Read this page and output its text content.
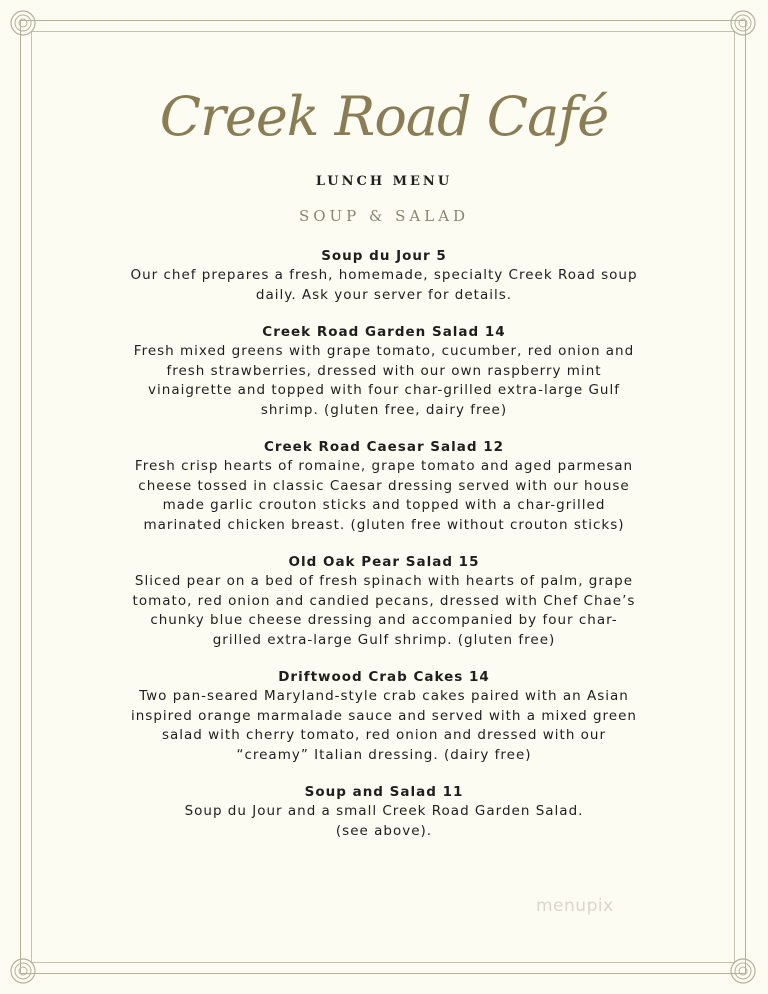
Creek Road Café
LUNCH MENU
SOUP & SALAD
Soup du Jour 5
Our chef prepares a fresh, homemade, specialty Creek Road soup
daily. Ask your server for details.
Creek Road Garden Salad 14
Fresh mixed greens with grape tomato, cucumber, red onion and
fresh strawberries, dressed with our own raspberry mint
vinaigrette and topped with four char-grilled extra-large Gulf
shrimp. (gluten free, dairy free)
Creek Road Caesar Salad 12
Fresh crisp hearts of romaine, grape tomato and aged parmesan
cheese tossed in classic Caesar dressing served with our house
made garlic crouton sticks and topped with a char-grilled
marinated chicken breast. (gluten free without crouton sticks)
Old Oak Pear Salad 15
Sliced pear on a bed of fresh spinach with hearts of palm, grape
tomato, red onion and candied pecans, dressed with Chef Chae’s
chunky blue cheese dressing and accompanied by four char-
grilled extra-large Gulf shrimp. (gluten free)
Driftwood Crab Cakes 14
Two pan-seared Maryland-style crab cakes paired with an Asian
inspired orange marmalade sauce and served with a mixed green
salad with cherry tomato, red onion and dressed with our
“creamy” Italian dressing. (dairy free)
Soup and Salad 11
Soup du Jour and a small Creek Road Garden Salad.
(see above).
menupix
